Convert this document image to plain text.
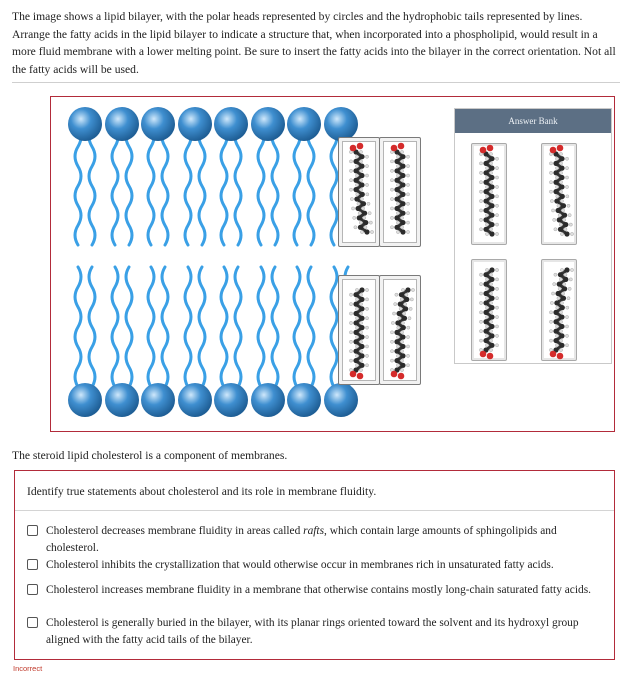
The image shows a lipid bilayer, with the polar heads represented by circles and the hydrophobic tails represented by lines. Arrange the fatty acids in the lipid bilayer to indicate a structure that, when incorporated into a phospholipid, would result in a more fluid membrane with a lower melting point. Be sure to insert the fatty acids into the bilayer in the correct orientation. Not all the fatty acids will be used.
Answer Bank
The steroid lipid cholesterol is a component of membranes.
Identify true statements about cholesterol and its role in membrane fluidity.
Cholesterol decreases membrane fluidity in areas called rafts, which contain large amounts of sphingolipids and cholesterol.
Cholesterol inhibits the crystallization that would otherwise occur in membranes rich in unsaturated fatty acids.
Cholesterol increases membrane fluidity in a membrane that otherwise contains mostly long-chain saturated fatty acids.
Cholesterol is generally buried in the bilayer, with its planar rings oriented toward the solvent and its hydroxyl group aligned with the fatty acid tails of the bilayer.
Incorrect
